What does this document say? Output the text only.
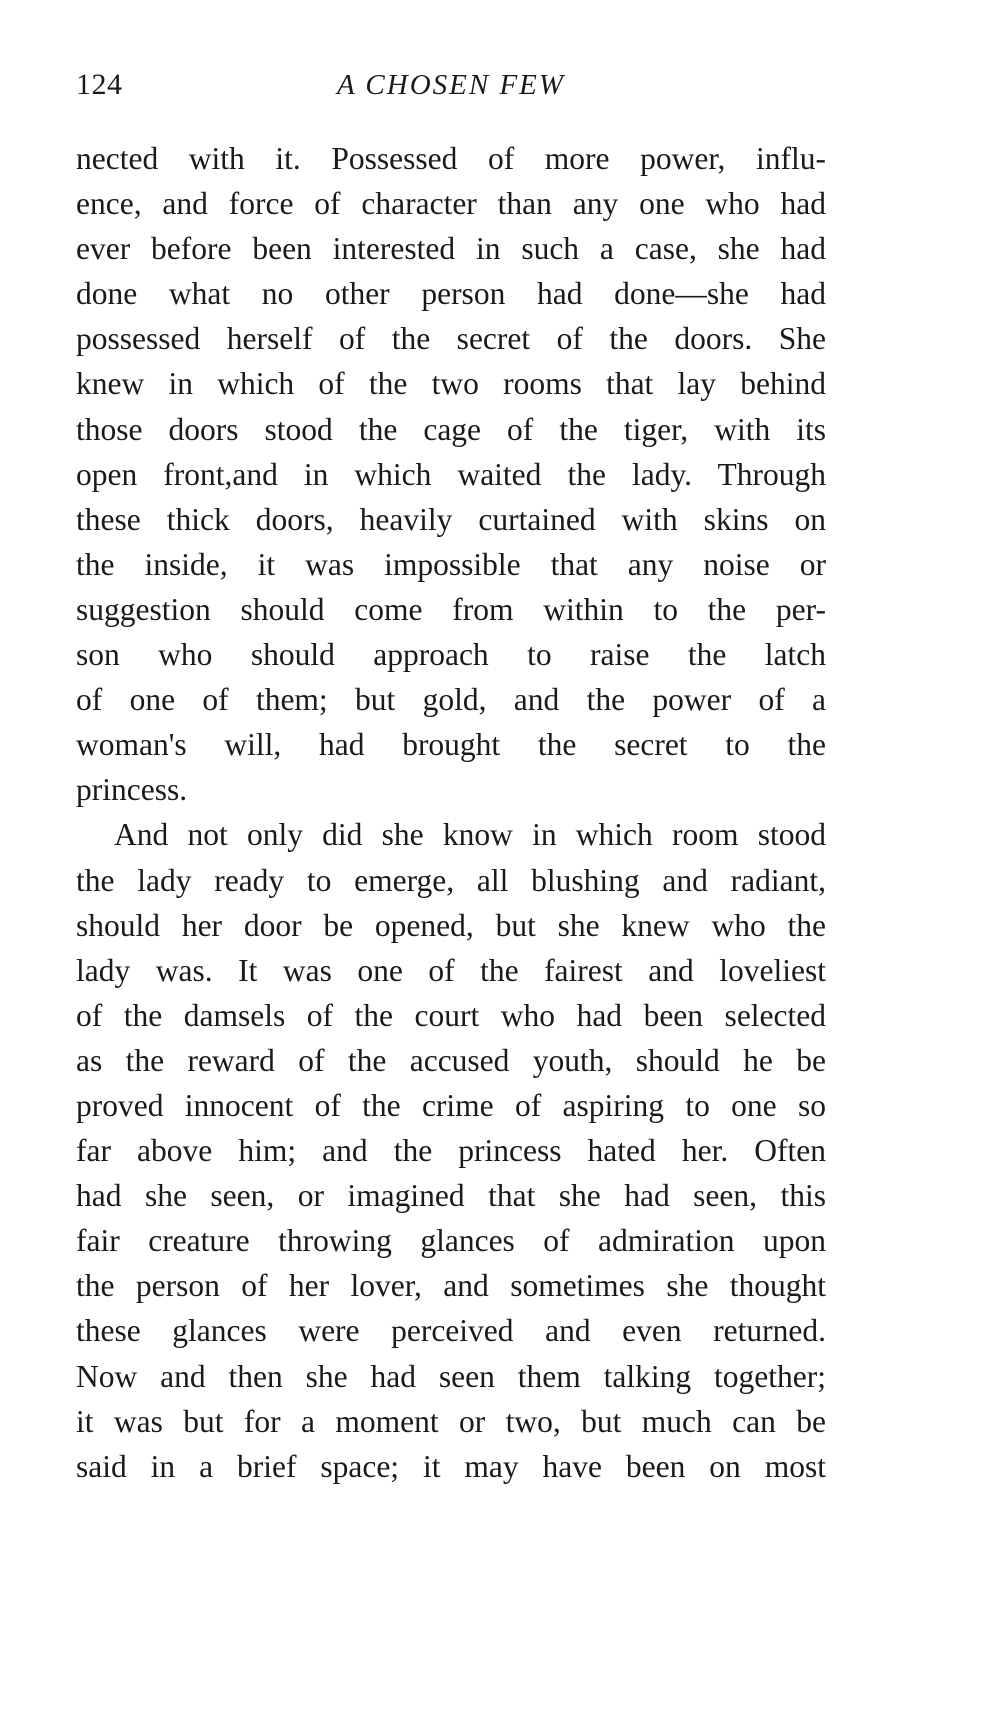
124	A CHOSEN FEW
nected with it. Possessed of more power, influ-
ence, and force of character than any one who had
ever before been interested in such a case, she had
done what no other person had done—she had
possessed herself of the secret of the doors. She
knew in which of the two rooms that lay behind
those doors stood the cage of the tiger, with its
open front,and in which waited the lady. Through
these thick doors, heavily curtained with skins on
the inside, it was impossible that any noise or
suggestion should come from within to the per-
son who should approach to raise the latch
of one of them; but gold, and the power of a
woman's will, had brought the secret to the
princess.
And not only did she know in which room stood
the lady ready to emerge, all blushing and radiant,
should her door be opened, but she knew who the
lady was. It was one of the fairest and loveliest
of the damsels of the court who had been selected
as the reward of the accused youth, should he be
proved innocent of the crime of aspiring to one so
far above him; and the princess hated her. Often
had she seen, or imagined that she had seen, this
fair creature throwing glances of admiration upon
the person of her lover, and sometimes she thought
these glances were perceived and even returned.
Now and then she had seen them talking together;
it was but for a moment or two, but much can be
said in a brief space; it may have been on most
